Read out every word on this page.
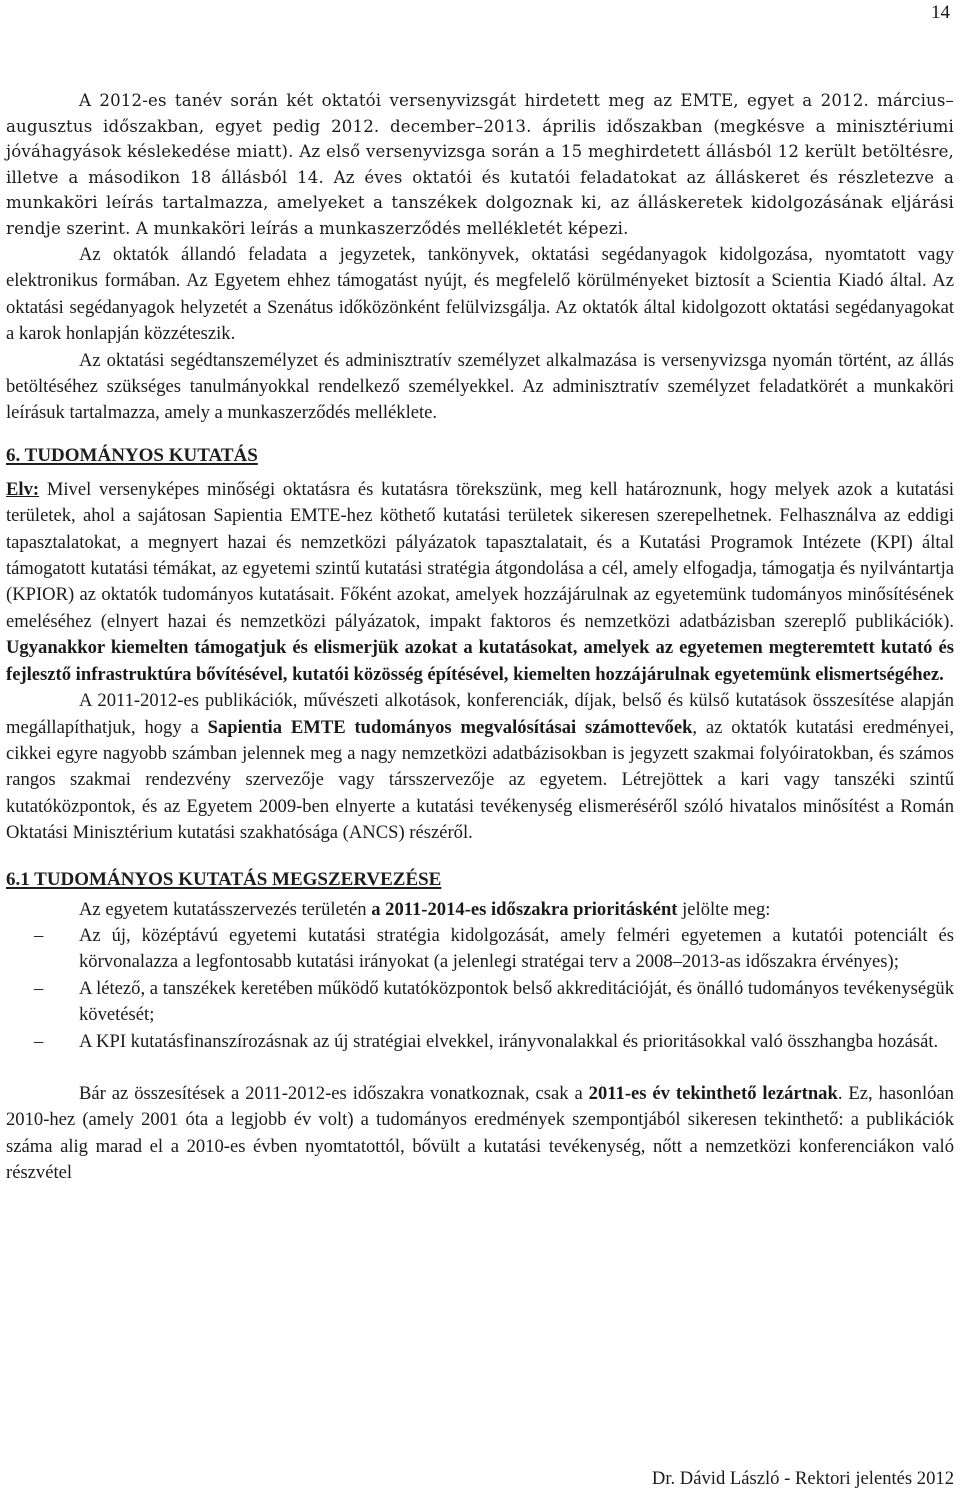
14

A 2012-es tanév során két oktatói versenyvizsgát hirdetett meg az EMTE, egyet a 2012. március–augusztus időszakban, egyet pedig 2012. december–2013. április időszakban (megkésve a minisztériumi jóváhagyások késlekedése miatt). Az első versenyvizsga során a 15 meghirdetett állásból 12 került betöltésre, illetve a másodikon 18 állásból 14. Az éves oktatói és kutatói feladatokat az álláskeret és részletezve a munkaköri leírás tartalmazza, amelyeket a tanszékek dolgoznak ki, az álláskeretek kidolgozásának eljárási rendje szerint. A munkaköri leírás a munkaszerződés mellékletét képezi.

Az oktatók állandó feladata a jegyzetek, tankönyvek, oktatási segédanyagok kidolgozása, nyomtatott vagy elektronikus formában. Az Egyetem ehhez támogatást nyújt, és megfelelő körülményeket biztosít a Scientia Kiadó által. Az oktatási segédanyagok helyzetét a Szenátus időközönként felülvizsgálja. Az oktatók által kidolgozott oktatási segédanyagokat a karok honlapján közzéteszik.

Az oktatási segédtanszemélyzet és adminisztratív személyzet alkalmazása is versenyvizsga nyomán történt, az állás betöltéséhez szükséges tanulmányokkal rendelkező személyekkel. Az adminisztratív személyzet feladatkörét a munkaköri leírásuk tartalmazza, amely a munkaszerződés melléklete.

6. TUDOMÁNYOS KUTATÁS

Elv: Mivel versenyképes minőségi oktatásra és kutatásra törekszünk, meg kell határoznunk, hogy melyek azok a kutatási területek, ahol a sajátosan Sapientia EMTE-hez köthető kutatási területek sikeresen szerepelhetnek. Felhasználva az eddigi tapasztalatokat, a megnyert hazai és nemzetközi pályázatok tapasztalatait, és a Kutatási Programok Intézete (KPI) által támogatott kutatási témákat, az egyetemi szintű kutatási stratégia átgondolása a cél, amely elfogadja, támogatja és nyilvántartja (KPIOR) az oktatók tudományos kutatásait. Főként azokat, amelyek hozzájárulnak az egyetemünk tudományos minősítésének emeléséhez (elnyert hazai és nemzetközi pályázatok, impakt faktoros és nemzetközi adatbázisban szereplő publikációk). Ugyanakkor kiemelten támogatjuk és elismerjük azokat a kutatásokat, amelyek az egyetemen megteremtett kutató és fejlesztő infrastruktúra bővítésével, kutatói közösség építésével, kiemelten hozzájárulnak egyetemünk elismertségéhez.

A 2011-2012-es publikációk, művészeti alkotások, konferenciák, díjak, belső és külső kutatások összesítése alapján megállapíthatjuk, hogy a Sapientia EMTE tudományos megvalósításai számottevőek, az oktatók kutatási eredményei, cikkei egyre nagyobb számban jelennek meg a nagy nemzetközi adatbázisokban is jegyzett szakmai folyóiratokban, és számos rangos szakmai rendezvény szervezője vagy társszervezője az egyetem. Létrejöttek a kari vagy tanszéki szintű kutatóközpontok, és az Egyetem 2009-ben elnyerte a kutatási tevékenység elismeréséről szóló hivatalos minősítést a Román Oktatási Minisztérium kutatási szakhatósága (ANCS) részéről.

6.1 TUDOMÁNYOS KUTATÁS MEGSZERVEZÉSE

Az egyetem kutatásszervezés területén a 2011-2014-es időszakra prioritásként jelölte meg:

–	Az új, középtávú egyetemi kutatási stratégia kidolgozását, amely felméri egyetemen a kutatói potenciált és körvonalazza a legfontosabb kutatási irányokat (a jelenlegi stratégai terv a 2008–2013-as időszakra érvényes);
–	A létező, a tanszékek keretében működő kutatóközpontok belső akkreditációját, és önálló tudományos tevékenységük követését;
–	A KPI kutatásfinanszírozásnak az új stratégiai elvekkel, irányvonalakkal és prioritásokkal való összhangba hozását.

Bár az összesítések a 2011-2012-es időszakra vonatkoznak, csak a 2011-es év tekinthető lezártnak. Ez, hasonlóan 2010-hez (amely 2001 óta a legjobb év volt) a tudományos eredmények szempontjából sikeresen tekinthető: a publikációk száma alig marad el a 2010-es évben nyomtatottól, bővült a kutatási tevékenység, nőtt a nemzetközi konferenciákon való részvétel

Dr. Dávid László - Rektori jelentés 2012
